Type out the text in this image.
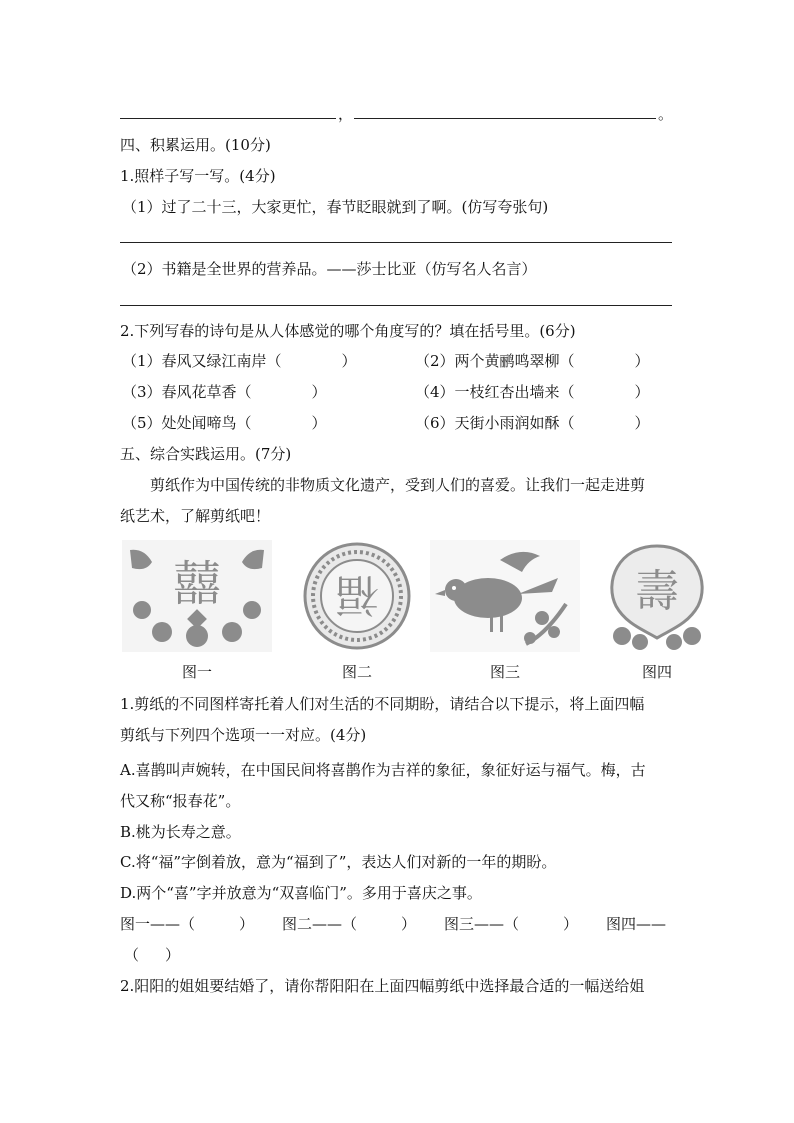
，	。
四、积累运用。(10分)
1.照样子写一写。(4分)
（1）过了二十三，大家更忙，春节眨眼就到了啊。(仿写夸张句)
（2）书籍是全世界的营养品。——莎士比亚（仿写名人名言）
2.下列写春的诗句是从人体感觉的哪个角度写的？填在括号里。(6分)
（1）春风又绿江南岸（	）	（2）两个黄鹂鸣翠柳（	）
（3）春风花草香（	）	（4）一枝红杏出墙来（	）
（5）处处闻啼鸟（	）	（6）天街小雨润如酥（	）
五、综合实践运用。(7分)
剪纸作为中国传统的非物质文化遗产，受到人们的喜爱。让我们一起走进剪
纸艺术，了解剪纸吧！
囍	福	壽
图一	图二	图三	图四
1.剪纸的不同图样寄托着人们对生活的不同期盼，请结合以下提示，将上面四幅
剪纸与下列四个选项一一对应。(4分)
A.喜鹊叫声婉转，在中国民间将喜鹊作为吉祥的象征，象征好运与福气。梅，古
代又称“报春花”。
B.桃为长寿之意。
C.将“福”字倒着放，意为“福到了”，表达人们对新的一年的期盼。
D.两个“喜”字并放意为“双喜临门”。多用于喜庆之事。
图一——（	） 图二——（	） 图三——（	） 图四——
（ ）
2.阳阳的姐姐要结婚了，请你帮阳阳在上面四幅剪纸中选择最合适的一幅送给姐
